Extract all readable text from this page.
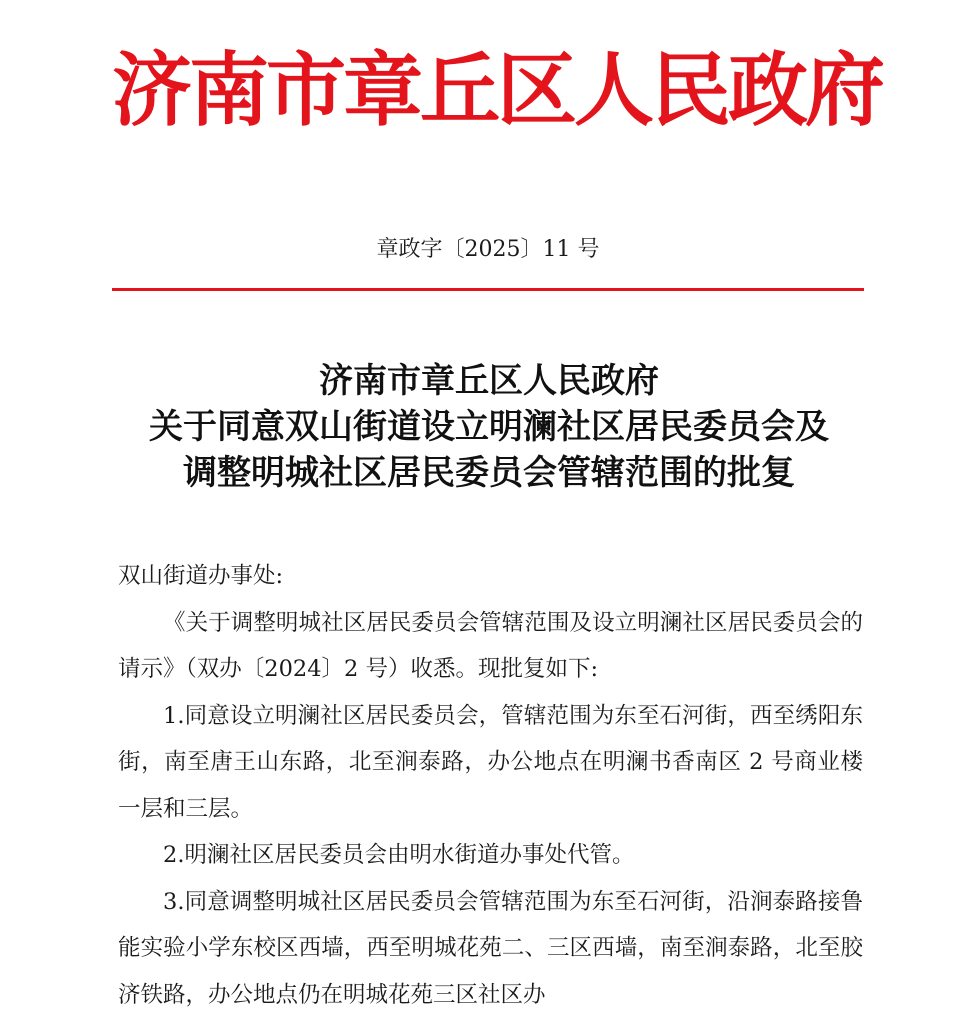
济南市章丘区人民政府
章政字〔2025〕11 号
济南市章丘区人民政府
关于同意双山街道设立明澜社区居民委员会及
调整明城社区居民委员会管辖范围的批复

双山街道办事处:

《关于调整明城社区居民委员会管辖范围及设立明澜社区居民委员会的请示》（双办〔2024〕2 号）收悉。现批复如下:

1.同意设立明澜社区居民委员会，管辖范围为东至石河街，西至绣阳东街，南至唐王山东路，北至涧泰路，办公地点在明澜书香南区 2 号商业楼一层和三层。

2.明澜社区居民委员会由明水街道办事处代管。

3.同意调整明城社区居民委员会管辖范围为东至石河街，沿涧泰路接鲁能实验小学东校区西墙，西至明城花苑二、三区西墙，南至涧泰路，北至胶济铁路，办公地点仍在明城花苑三区社区办
